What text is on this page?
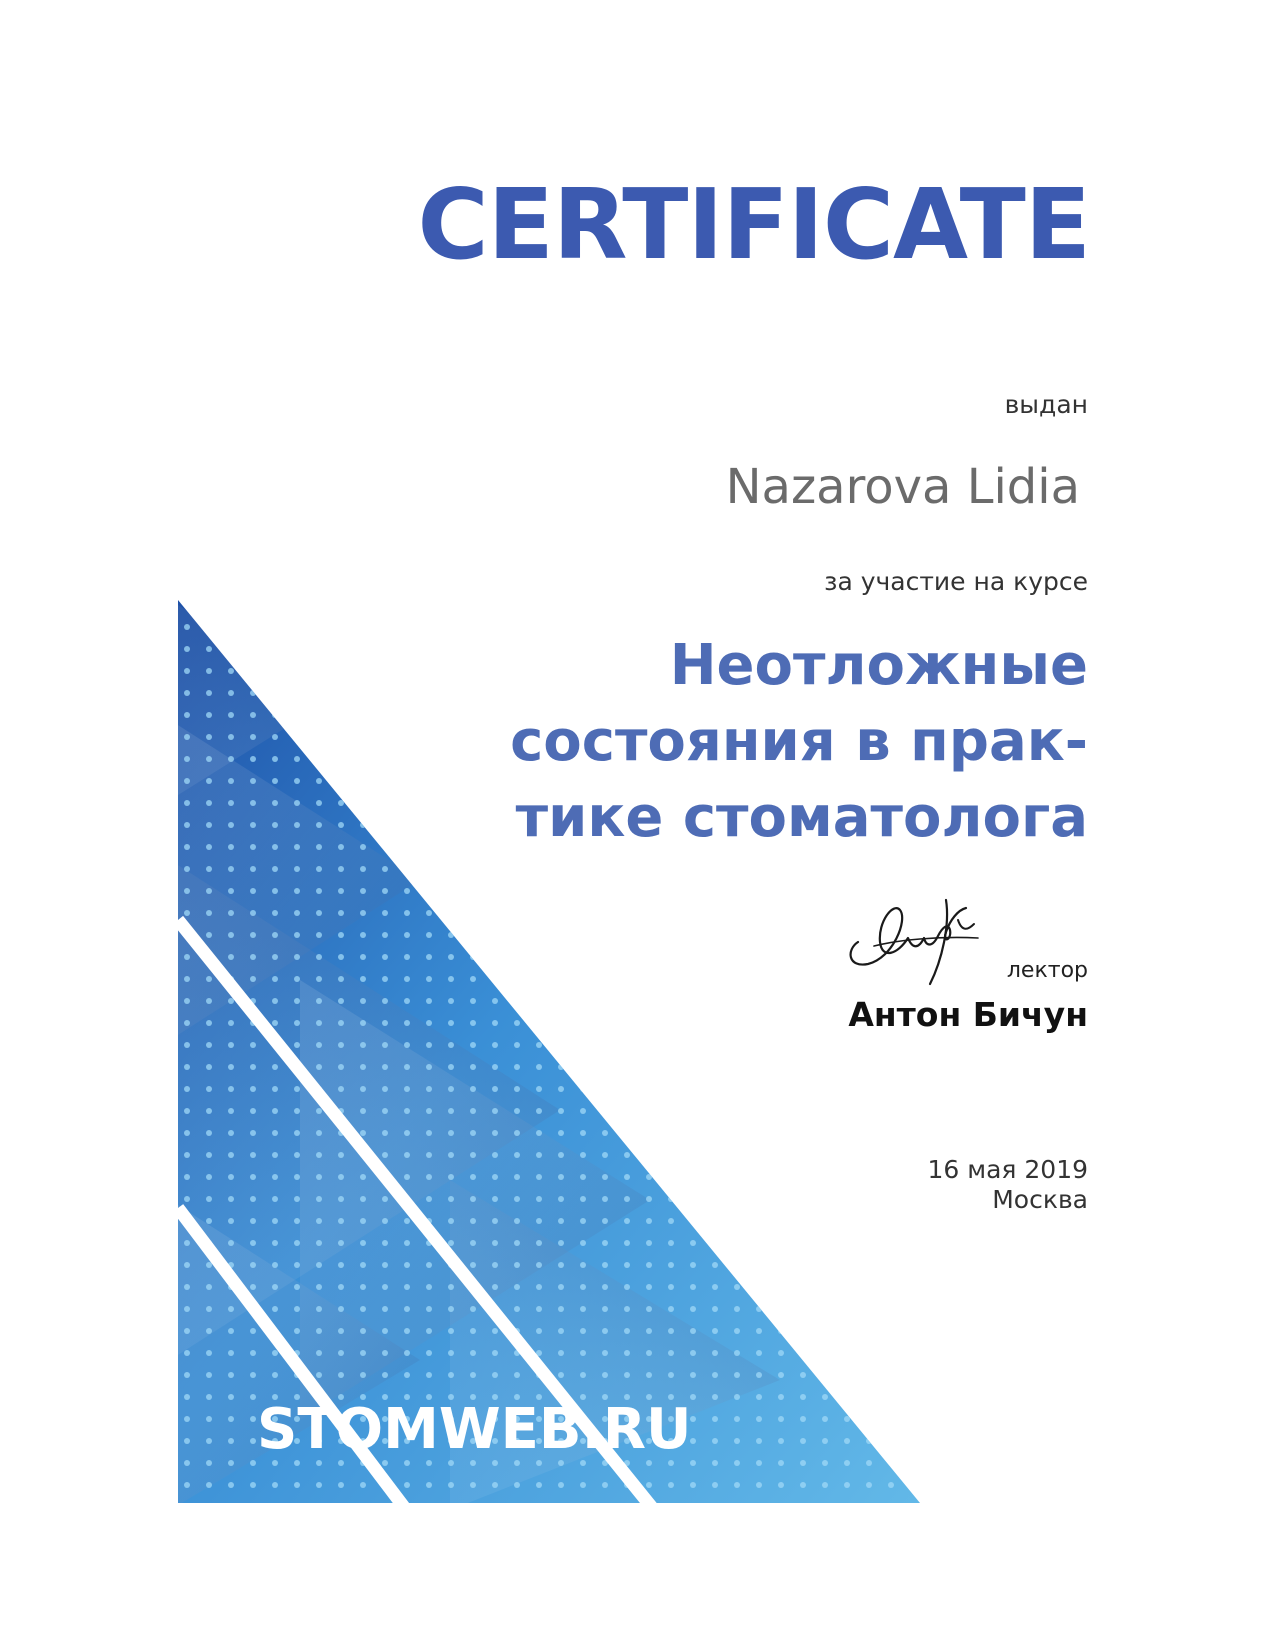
CERTIFICATE
выдан
Nazarova Lidia
за участие на курсе
Неотложные
состояния в прак-
тике стоматолога
лектор
Антон Бичун
16 мая 2019
Москва
STOMWEB.RU
